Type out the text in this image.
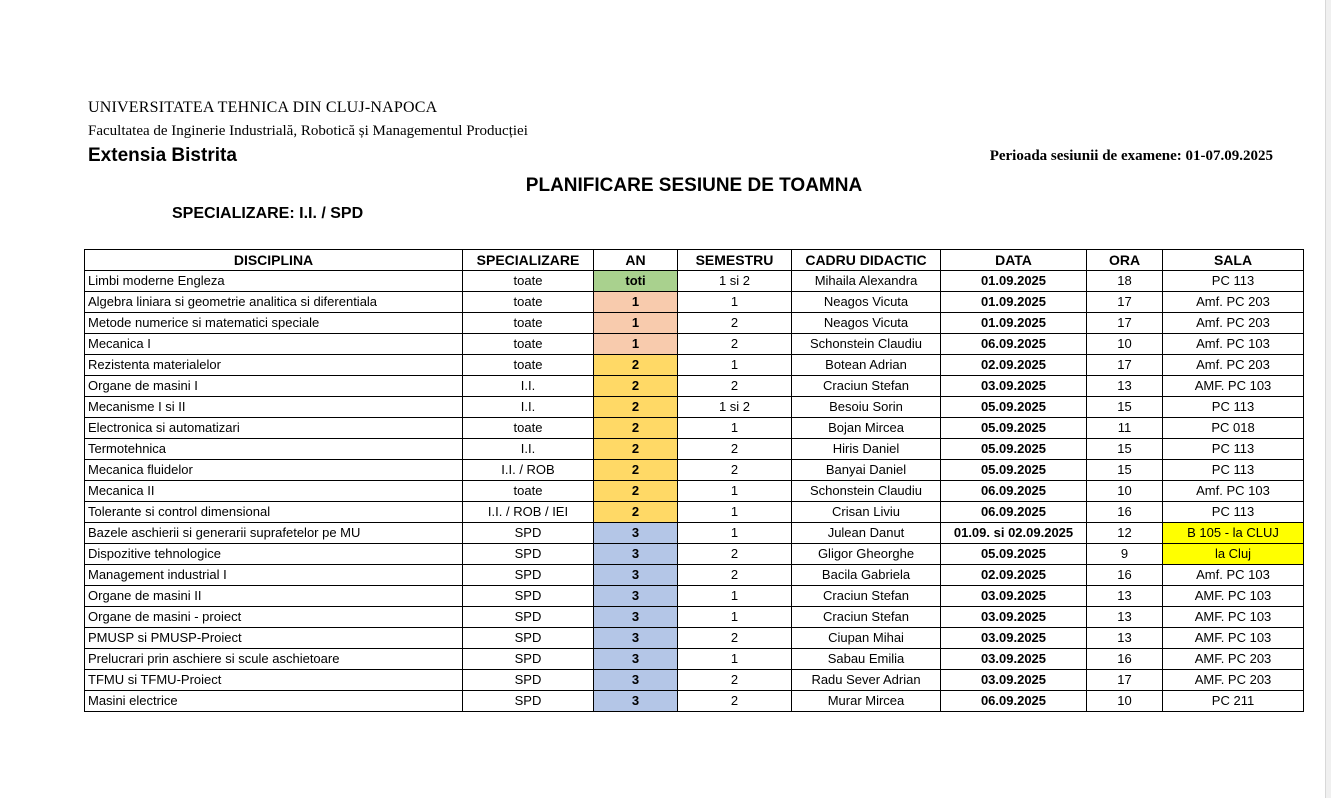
UNIVERSITATEA TEHNICA DIN CLUJ-NAPOCA
Facultatea de Inginerie Industrială, Robotică și Managementul Producției
Extensia Bistrita	Perioada sesiunii de examene: 01-07.09.2025
PLANIFICARE SESIUNE DE TOAMNA
SPECIALIZARE: I.I. / SPD
DISCIPLINA	SPECIALIZARE	AN	SEMESTRU	CADRU DIDACTIC	DATA	ORA	SALA
Limbi moderne Engleza	toate	toti	1 si 2	Mihaila Alexandra	01.09.2025	18	PC 113
Algebra liniara si geometrie analitica si diferentiala	toate	1	1	Neagos Vicuta	01.09.2025	17	Amf. PC 203
Metode numerice si matematici speciale	toate	1	2	Neagos Vicuta	01.09.2025	17	Amf. PC 203
Mecanica I	toate	1	2	Schonstein Claudiu	06.09.2025	10	Amf. PC 103
Rezistenta materialelor	toate	2	1	Botean Adrian	02.09.2025	17	Amf. PC 203
Organe de masini I	I.I.	2	2	Craciun Stefan	03.09.2025	13	AMF. PC 103
Mecanisme I si II	I.I.	2	1 si 2	Besoiu Sorin	05.09.2025	15	PC 113
Electronica si automatizari	toate	2	1	Bojan Mircea	05.09.2025	11	PC 018
Termotehnica	I.I.	2	2	Hiris Daniel	05.09.2025	15	PC 113
Mecanica fluidelor	I.I. / ROB	2	2	Banyai Daniel	05.09.2025	15	PC 113
Mecanica II	toate	2	1	Schonstein Claudiu	06.09.2025	10	Amf. PC 103
Tolerante si control dimensional	I.I. / ROB / IEI	2	1	Crisan Liviu	06.09.2025	16	PC 113
Bazele aschierii si generarii suprafetelor pe MU	SPD	3	1	Julean Danut	01.09. si 02.09.2025	12	B 105 - la CLUJ
Dispozitive tehnologice	SPD	3	2	Gligor Gheorghe	05.09.2025	9	la Cluj
Management industrial I	SPD	3	2	Bacila Gabriela	02.09.2025	16	Amf. PC 103
Organe de masini II	SPD	3	1	Craciun Stefan	03.09.2025	13	AMF. PC 103
Organe de masini - proiect	SPD	3	1	Craciun Stefan	03.09.2025	13	AMF. PC 103
PMUSP si PMUSP-Proiect	SPD	3	2	Ciupan Mihai	03.09.2025	13	AMF. PC 103
Prelucrari prin aschiere si scule aschietoare	SPD	3	1	Sabau Emilia	03.09.2025	16	AMF. PC 203
TFMU si TFMU-Proiect	SPD	3	2	Radu Sever Adrian	03.09.2025	17	AMF. PC 203
Masini electrice	SPD	3	2	Murar Mircea	06.09.2025	10	PC 211
